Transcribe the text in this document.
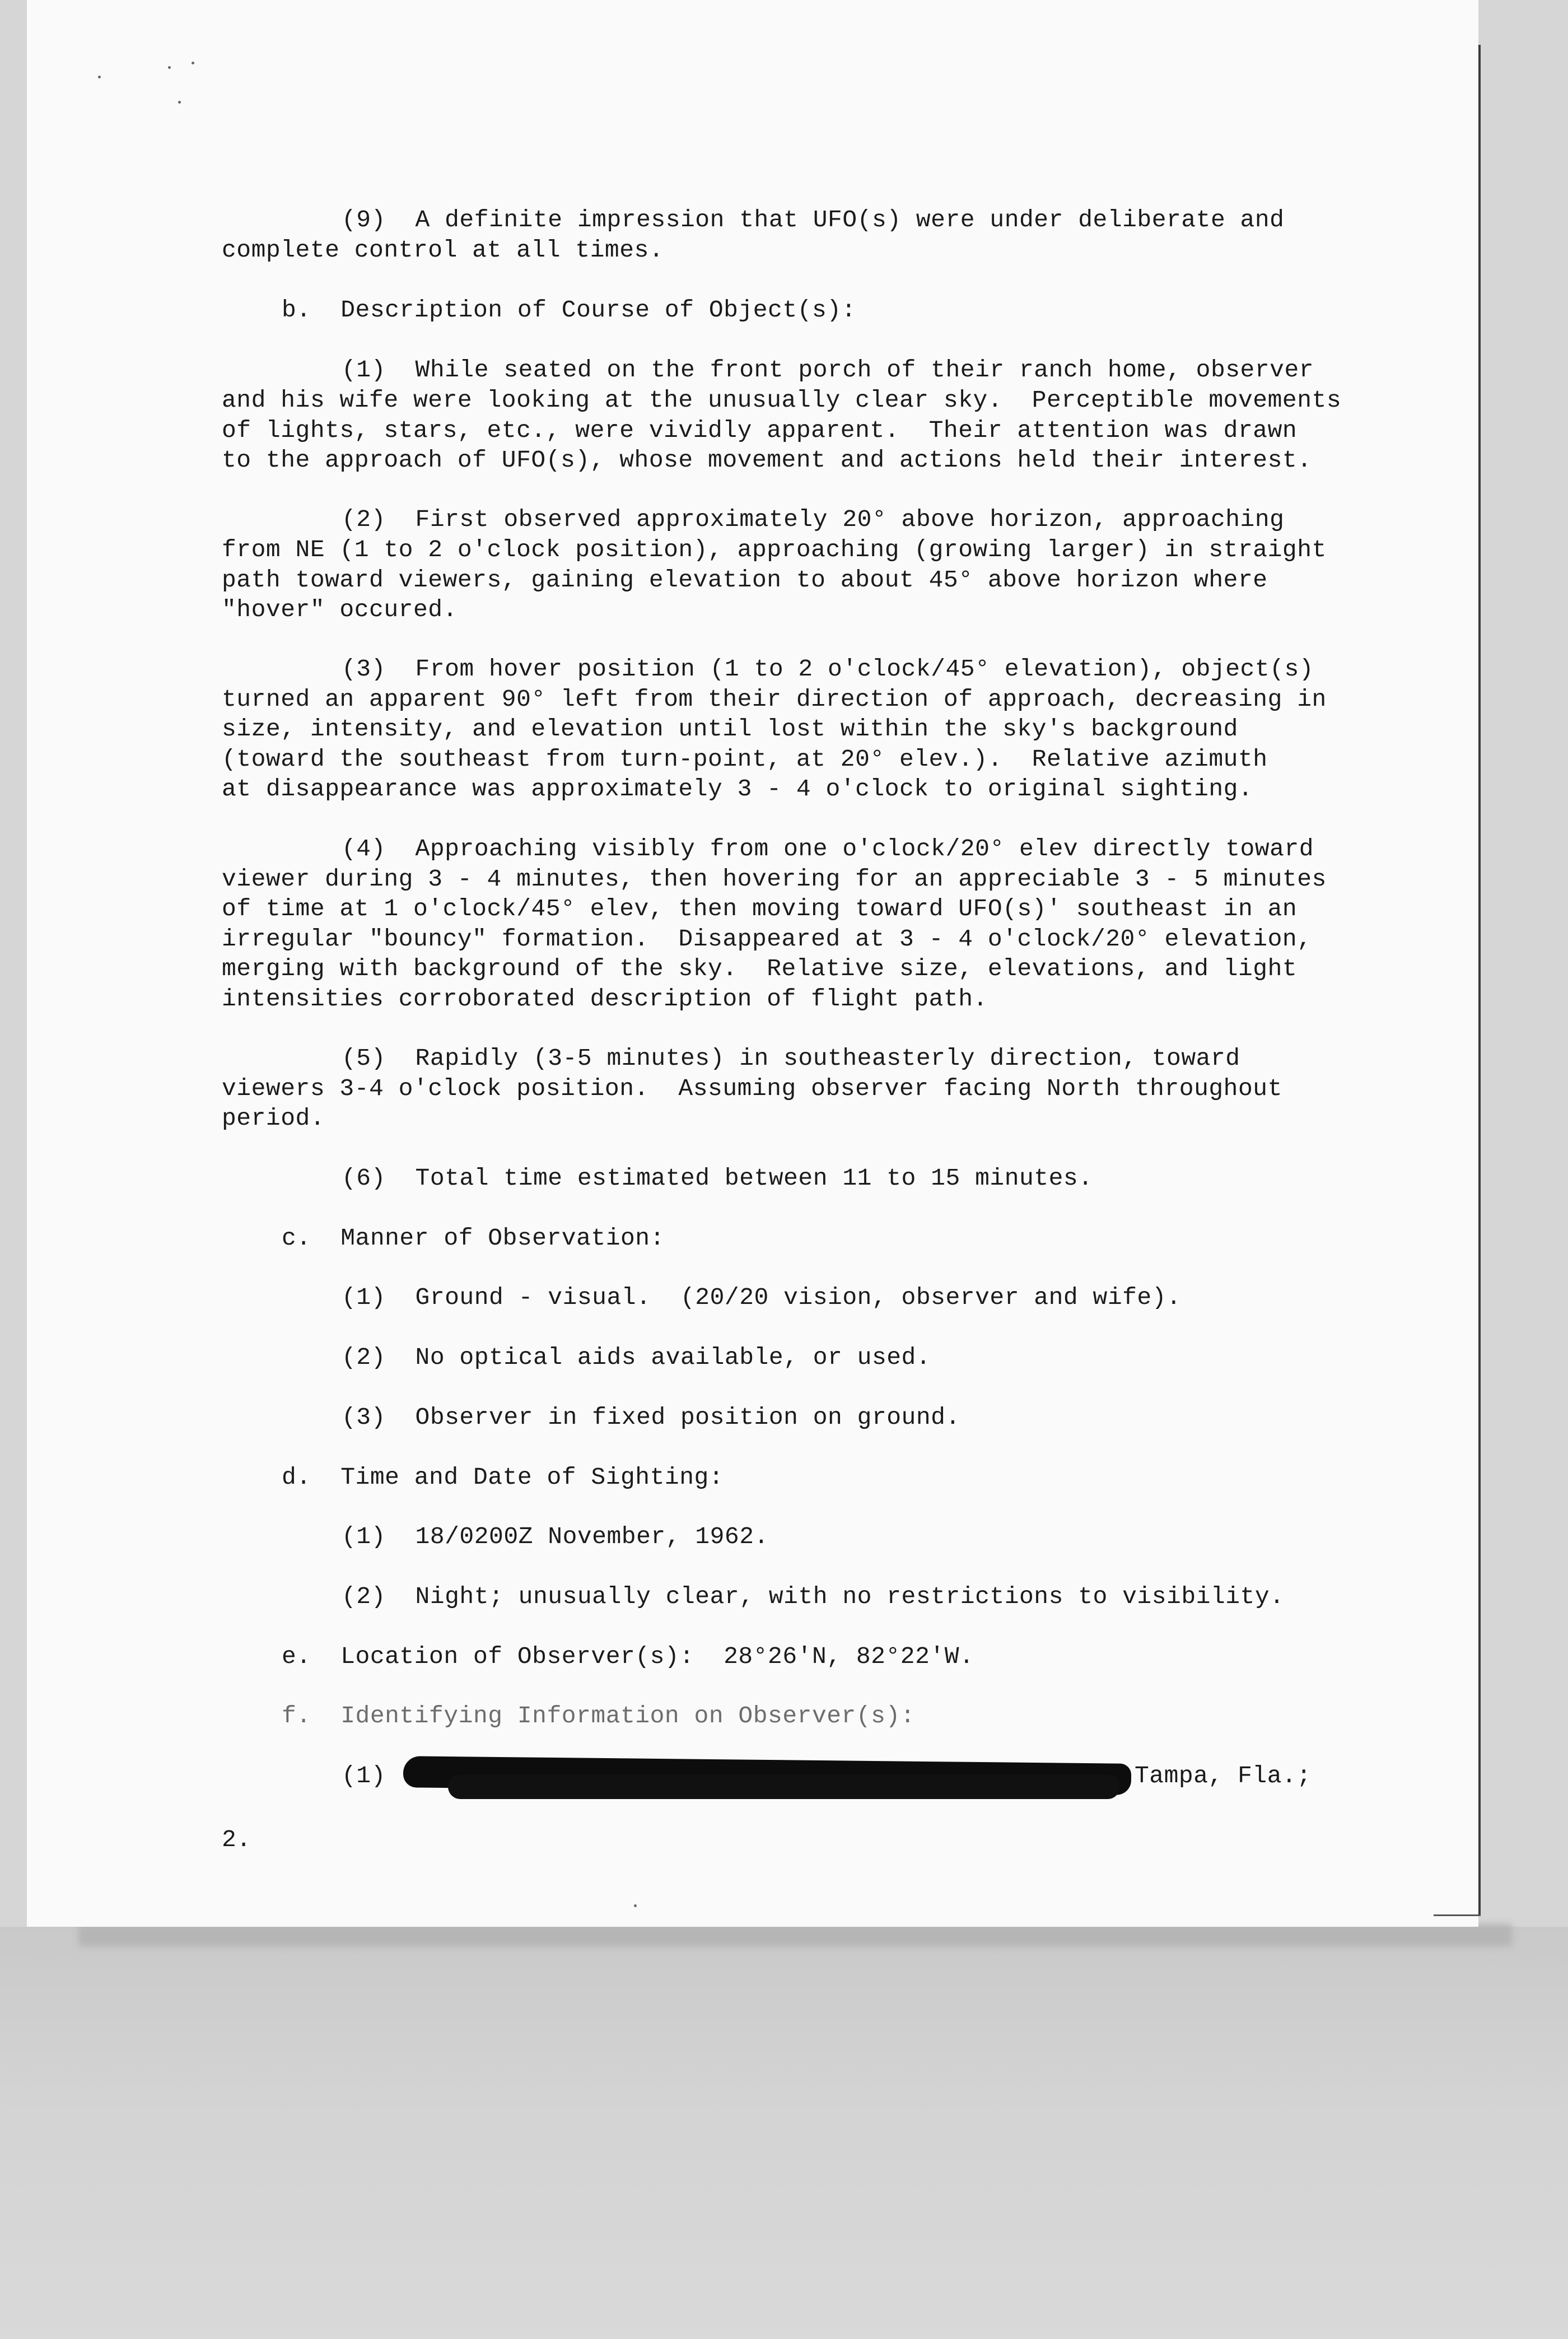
(9)  A definite impression that UFO(s) were under deliberate and
complete control at all times.
b.  Description of Course of Object(s):
(1)  While seated on the front porch of their ranch home, observer
and his wife were looking at the unusually clear sky.  Perceptible movements
of lights, stars, etc., were vividly apparent.  Their attention was drawn
to the approach of UFO(s), whose movement and actions held their interest.
(2)  First observed approximately 20° above horizon, approaching
from NE (1 to 2 o'clock position), approaching (growing larger) in straight
path toward viewers, gaining elevation to about 45° above horizon where
"hover" occured.
(3)  From hover position (1 to 2 o'clock/45° elevation), object(s)
turned an apparent 90° left from their direction of approach, decreasing in
size, intensity, and elevation until lost within the sky's background
(toward the southeast from turn-point, at 20° elev.).  Relative azimuth
at disappearance was approximately 3 - 4 o'clock to original sighting.
(4)  Approaching visibly from one o'clock/20° elev directly toward
viewer during 3 - 4 minutes, then hovering for an appreciable 3 - 5 minutes
of time at 1 o'clock/45° elev, then moving toward UFO(s)' southeast in an
irregular "bouncy" formation.  Disappeared at 3 - 4 o'clock/20° elevation,
merging with background of the sky.  Relative size, elevations, and light
intensities corroborated description of flight path.
(5)  Rapidly (3-5 minutes) in southeasterly direction, toward
viewers 3-4 o'clock position.  Assuming observer facing North throughout
period.
(6)  Total time estimated between 11 to 15 minutes.
c.  Manner of Observation:
(1)  Ground - visual.  (20/20 vision, observer and wife).
(2)  No optical aids available, or used.
(3)  Observer in fixed position on ground.
d.  Time and Date of Sighting:
(1)  18/0200Z November, 1962.
(2)  Night; unusually clear, with no restrictions to visibility.
e.  Location of Observer(s):  28°26'N, 82°22'W.
f.  Identifying Information on Observer(s):
(1)	Tampa, Fla.;
2.
